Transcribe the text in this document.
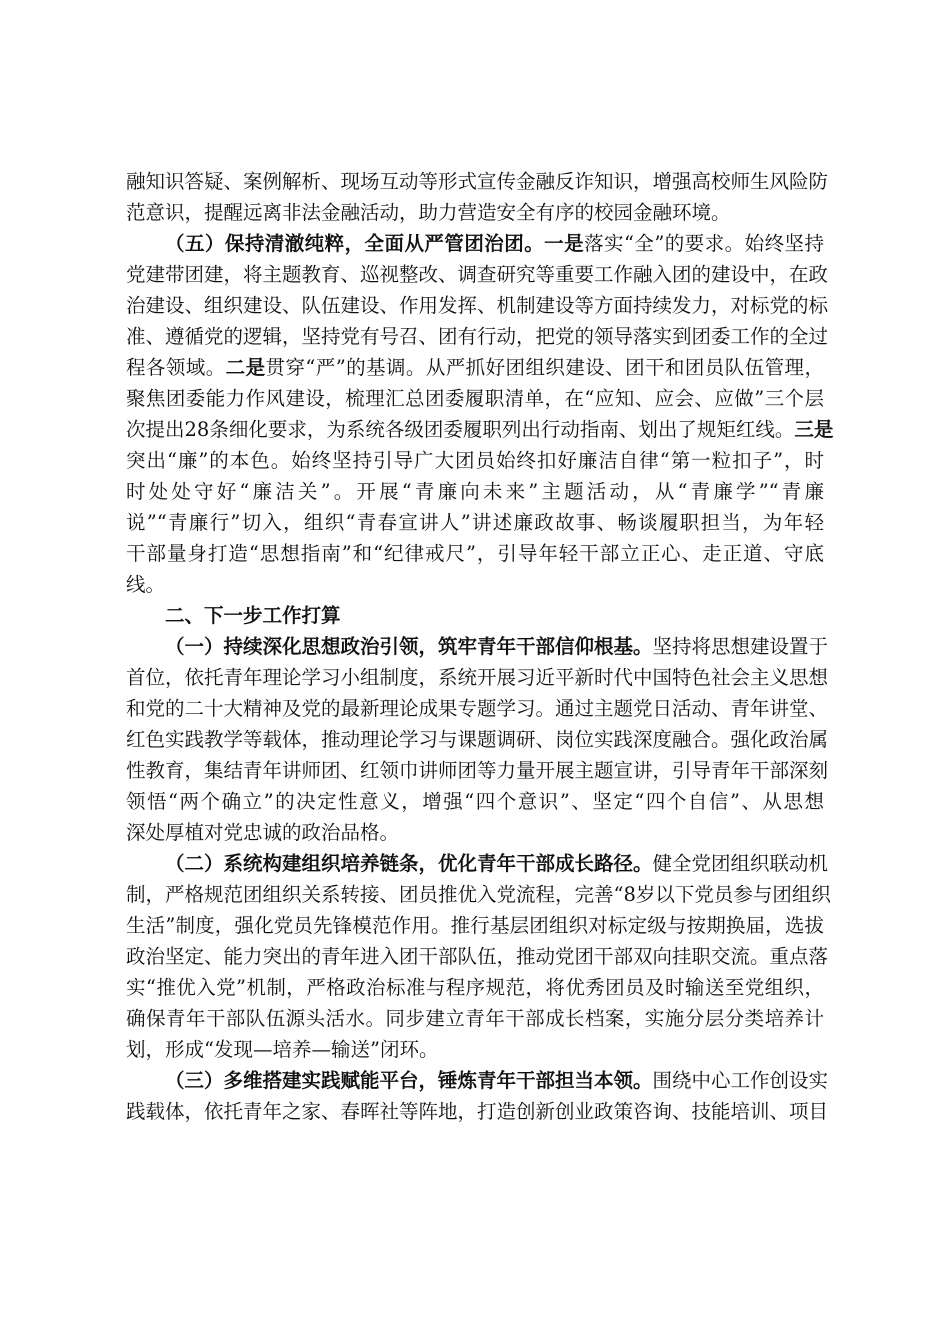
融知识答疑、案例解析、现场互动等形式宣传金融反诈知识，增强高校师生风险防
范意识，提醒远离非法金融活动，助力营造安全有序的校园金融环境。
（五）保持清澈纯粹，全面从严管团治团。一是落实“全”的要求。始终坚持
党建带团建，将主题教育、巡视整改、调查研究等重要工作融入团的建设中，在政
治建设、组织建设、队伍建设、作用发挥、机制建设等方面持续发力，对标党的标
准、遵循党的逻辑，坚持党有号召、团有行动，把党的领导落实到团委工作的全过
程各领域。二是贯穿“严”的基调。从严抓好团组织建设、团干和团员队伍管理，
聚焦团委能力作风建设，梳理汇总团委履职清单，在“应知、应会、应做”三个层
次提出28条细化要求，为系统各级团委履职列出行动指南、划出了规矩红线。三是
突出“廉”的本色。始终坚持引导广大团员始终扣好廉洁自律“第一粒扣子”，时
时处处守好“廉洁关”。开展“青廉向未来”主题活动，从“青廉学”“青廉
说”“青廉行”切入，组织“青春宣讲人”讲述廉政故事、畅谈履职担当，为年轻
干部量身打造“思想指南”和“纪律戒尺”，引导年轻干部立正心、走正道、守底
线。
二、下一步工作打算
（一）持续深化思想政治引领，筑牢青年干部信仰根基。坚持将思想建设置于
首位，依托青年理论学习小组制度，系统开展习近平新时代中国特色社会主义思想
和党的二十大精神及党的最新理论成果专题学习。通过主题党日活动、青年讲堂、
红色实践教学等载体，推动理论学习与课题调研、岗位实践深度融合。强化政治属
性教育，集结青年讲师团、红领巾讲师团等力量开展主题宣讲，引导青年干部深刻
领悟“两个确立”的决定性意义，增强“四个意识”、坚定“四个自信”、从思想
深处厚植对党忠诚的政治品格。
（二）系统构建组织培养链条，优化青年干部成长路径。健全党团组织联动机
制，严格规范团组织关系转接、团员推优入党流程，完善“8岁以下党员参与团组织
生活”制度，强化党员先锋模范作用。推行基层团组织对标定级与按期换届，选拔
政治坚定、能力突出的青年进入团干部队伍，推动党团干部双向挂职交流。重点落
实“推优入党”机制，严格政治标准与程序规范，将优秀团员及时输送至党组织，
确保青年干部队伍源头活水。同步建立青年干部成长档案，实施分层分类培养计
划，形成“发现—培养—输送”闭环。
（三）多维搭建实践赋能平台，锤炼青年干部担当本领。围绕中心工作创设实
践载体，依托青年之家、春晖社等阵地，打造创新创业政策咨询、技能培训、项目
